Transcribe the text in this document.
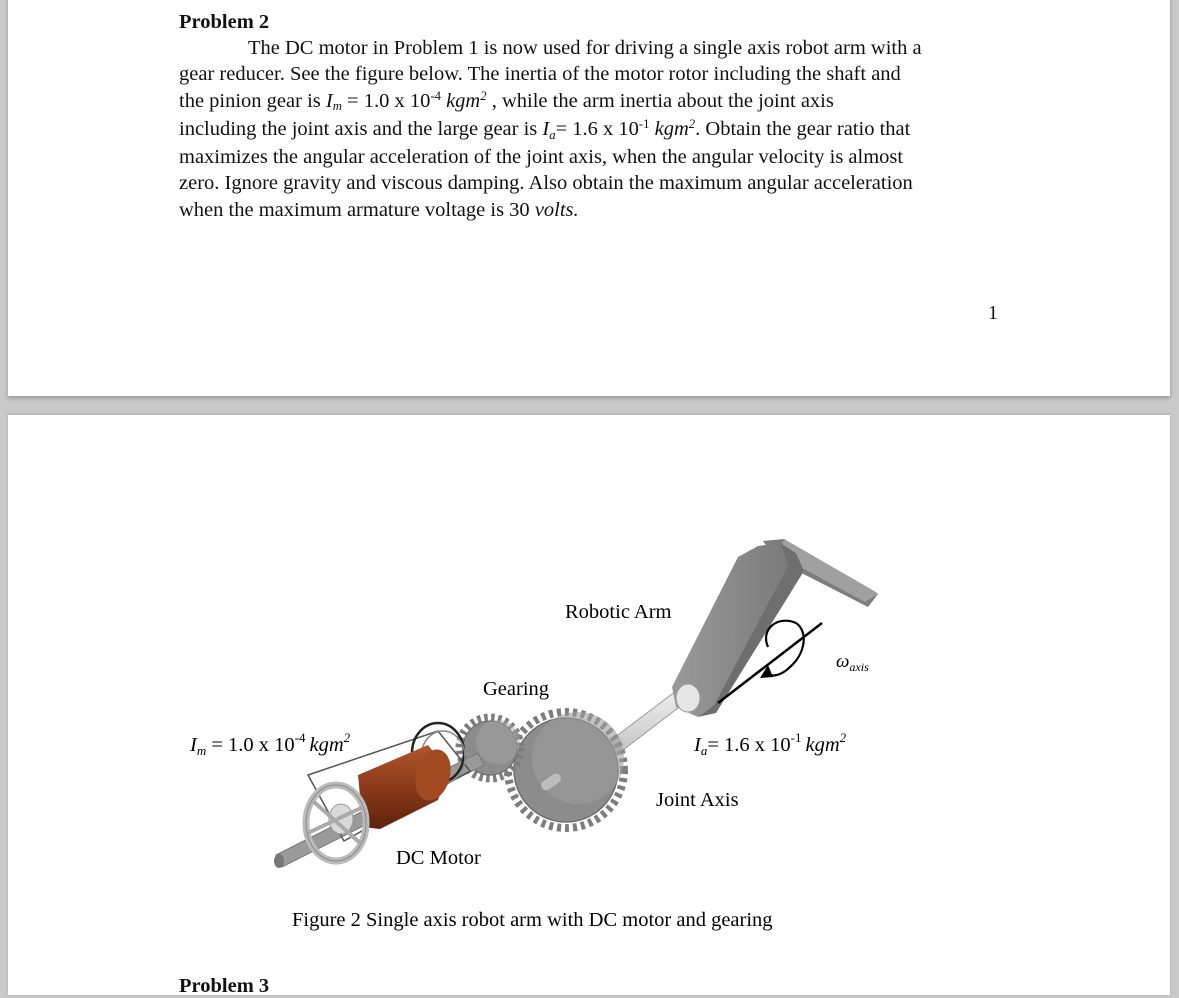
Problem 2
The DC motor in Problem 1 is now used for driving a single axis robot arm with a
gear reducer. See the figure below. The inertia of the motor rotor including the shaft and
the pinion gear is $I_m = 1.0$ x $10^{-4}$ kgm$^2$ , while the arm inertia about the joint axis
including the joint axis and the large gear is $I_a= 1.6$ x $10^{-1}$ kgm$^2$. Obtain the gear ratio that
maximizes the angular acceleration of the joint axis, when the angular velocity is almost
zero. Ignore gravity and viscous damping. Also obtain the maximum angular acceleration
when the maximum armature voltage is 30 volts.
1
Robotic Arm
Gearing
Joint Axis
DC Motor
$\omega_{axis}$
Im = 1.0 x $10^{-4}$ kgm$^2$	Ia= 1.6 x $10^{-1}$ kgm$^2$
Figure 2 Single axis robot arm with DC motor and gearing
Problem 3
